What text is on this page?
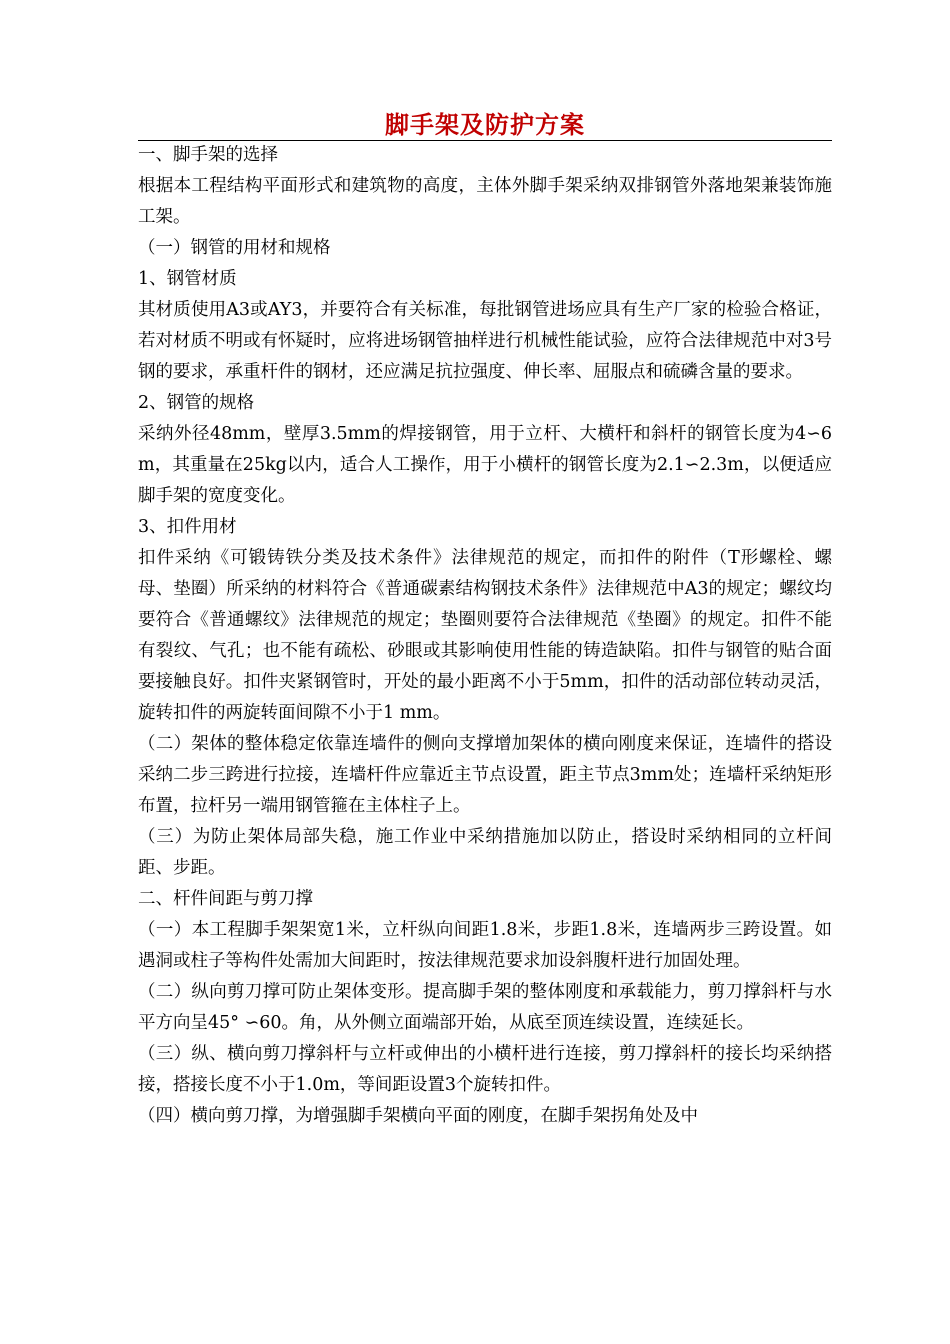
脚手架及防护方案

一、脚手架的选择

根据本工程结构平面形式和建筑物的高度，主体外脚手架采纳双排钢管外落地架兼装饰施工架。

（一）钢管的用材和规格

1、钢管材质

其材质使用A3或AY3，并要符合有关标准，每批钢管进场应具有生产厂家的检验合格证，若对材质不明或有怀疑时，应将进场钢管抽样进行机械性能试验，应符合法律规范中对3号钢的要求，承重杆件的钢材，还应满足抗拉强度、伸长率、屈服点和硫磷含量的要求。

2、钢管的规格

采纳外径48mm，壁厚3.5mm的焊接钢管，用于立杆、大横杆和斜杆的钢管长度为4∽6m，其重量在25kg以内，适合人工操作，用于小横杆的钢管长度为2.1∽2.3m，以便适应脚手架的宽度变化。

3、扣件用材

扣件采纳《可锻铸铁分类及技术条件》法律规范的规定，而扣件的附件（T形螺栓、螺母、垫圈）所采纳的材料符合《普通碳素结构钢技术条件》法律规范中A3的规定；螺纹均要符合《普通螺纹》法律规范的规定；垫圈则要符合法律规范《垫圈》的规定。扣件不能有裂纹、气孔；也不能有疏松、砂眼或其影响使用性能的铸造缺陷。扣件与钢管的贴合面要接触良好。扣件夹紧钢管时，开处的最小距离不小于5mm，扣件的活动部位转动灵活，旋转扣件的两旋转面间隙不小于1 mm。

（二）架体的整体稳定依靠连墙件的侧向支撑增加架体的横向刚度来保证，连墙件的搭设采纳二步三跨进行拉接，连墙杆件应靠近主节点设置，距主节点3mm处；连墙杆采纳矩形布置，拉杆另一端用钢管箍在主体柱子上。

（三）为防止架体局部失稳，施工作业中采纳措施加以防止，搭设时采纳相同的立杆间距、步距。

二、杆件间距与剪刀撑

（一）本工程脚手架架宽1米，立杆纵向间距1.8米，步距1.8米，连墙两步三跨设置。如遇洞或柱子等构件处需加大间距时，按法律规范要求加设斜腹杆进行加固处理。

（二）纵向剪刀撑可防止架体变形。提高脚手架的整体刚度和承载能力，剪刀撑斜杆与水平方向呈45° ∽60。角，从外侧立面端部开始，从底至顶连续设置，连续延长。

（三）纵、横向剪刀撑斜杆与立杆或伸出的小横杆进行连接，剪刀撑斜杆的接长均采纳搭接，搭接长度不小于1.0m，等间距设置3个旋转扣件。

（四）横向剪刀撑，为增强脚手架横向平面的刚度，在脚手架拐角处及中
